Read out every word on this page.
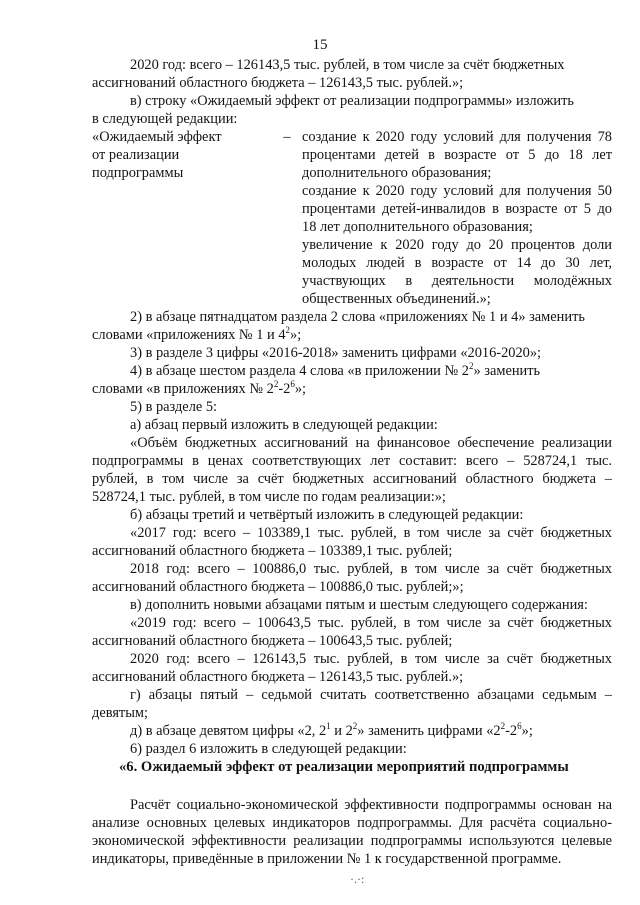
15

2020 год: всего – 126143,5 тыс. рублей, в том числе за счёт бюджетных

ассигнований областного бюджета – 126143,5 тыс. рублей.»;

в) строку «Ожидаемый эффект от реализации подпрограммы» изложить

в следующей редакции:

«Ожидаемый эффект

от реализации

подпрограммы

– создание к 2020 году условий для получения 78 процентами детей в возрасте от 5 до 18 лет дополнительного образования;

создание к 2020 году условий для получения 50 процентами детей-инвалидов в возрасте от 5 до 18 лет дополнительного образования;

увеличение к 2020 году до 20 процентов доли молодых людей в возрасте от 14 до 30 лет, участвующих в деятельности молодёжных общественных объединений.»;

2) в абзаце пятнадцатом раздела 2 слова «приложениях № 1 и 4» заменить

словами «приложениях № 1 и $4^2$»;

3) в разделе 3 цифры «2016-2018» заменить цифрами «2016-2020»;

4) в абзаце шестом раздела 4 слова «в приложении № $2^2$» заменить

словами «в приложениях № $2^2-2^6$»;

5) в разделе 5:

а) абзац первый изложить в следующей редакции:

«Объём бюджетных ассигнований на финансовое обеспечение реализации подпрограммы в ценах соответствующих лет составит: всего – 528724,1 тыс. рублей, в том числе за счёт бюджетных ассигнований областного бюджета – 528724,1 тыс. рублей, в том числе по годам реализации:»;

б) абзацы третий и четвёртый изложить в следующей редакции:

«2017 год: всего – 103389,1 тыс. рублей, в том числе за счёт бюджетных ассигнований областного бюджета – 103389,1 тыс. рублей;

2018 год: всего – 100886,0 тыс. рублей, в том числе за счёт бюджетных ассигнований областного бюджета – 100886,0 тыс. рублей;»;

в) дополнить новыми абзацами пятым и шестым следующего содержания:

«2019 год: всего – 100643,5 тыс. рублей, в том числе за счёт бюджетных ассигнований областного бюджета – 100643,5 тыс. рублей;

2020 год: всего – 126143,5 тыс. рублей, в том числе за счёт бюджетных ассигнований областного бюджета – 126143,5 тыс. рублей.»;

г) абзацы пятый – седьмой считать соответственно абзацами седьмым – девятым;

д) в абзаце девятом цифры «2, $2^1$ и $2^2$» заменить цифрами «$2^2-2^6$»;

6) раздел 6 изложить в следующей редакции:

«6. Ожидаемый эффект от реализации мероприятий подпрограммы

Расчёт социально-экономической эффективности подпрограммы основан на анализе основных целевых индикаторов подпрограммы. Для расчёта социально-экономической эффективности реализации подпрограммы используются целевые индикаторы, приведённые в приложении № 1 к государственной программе.

·.·:
